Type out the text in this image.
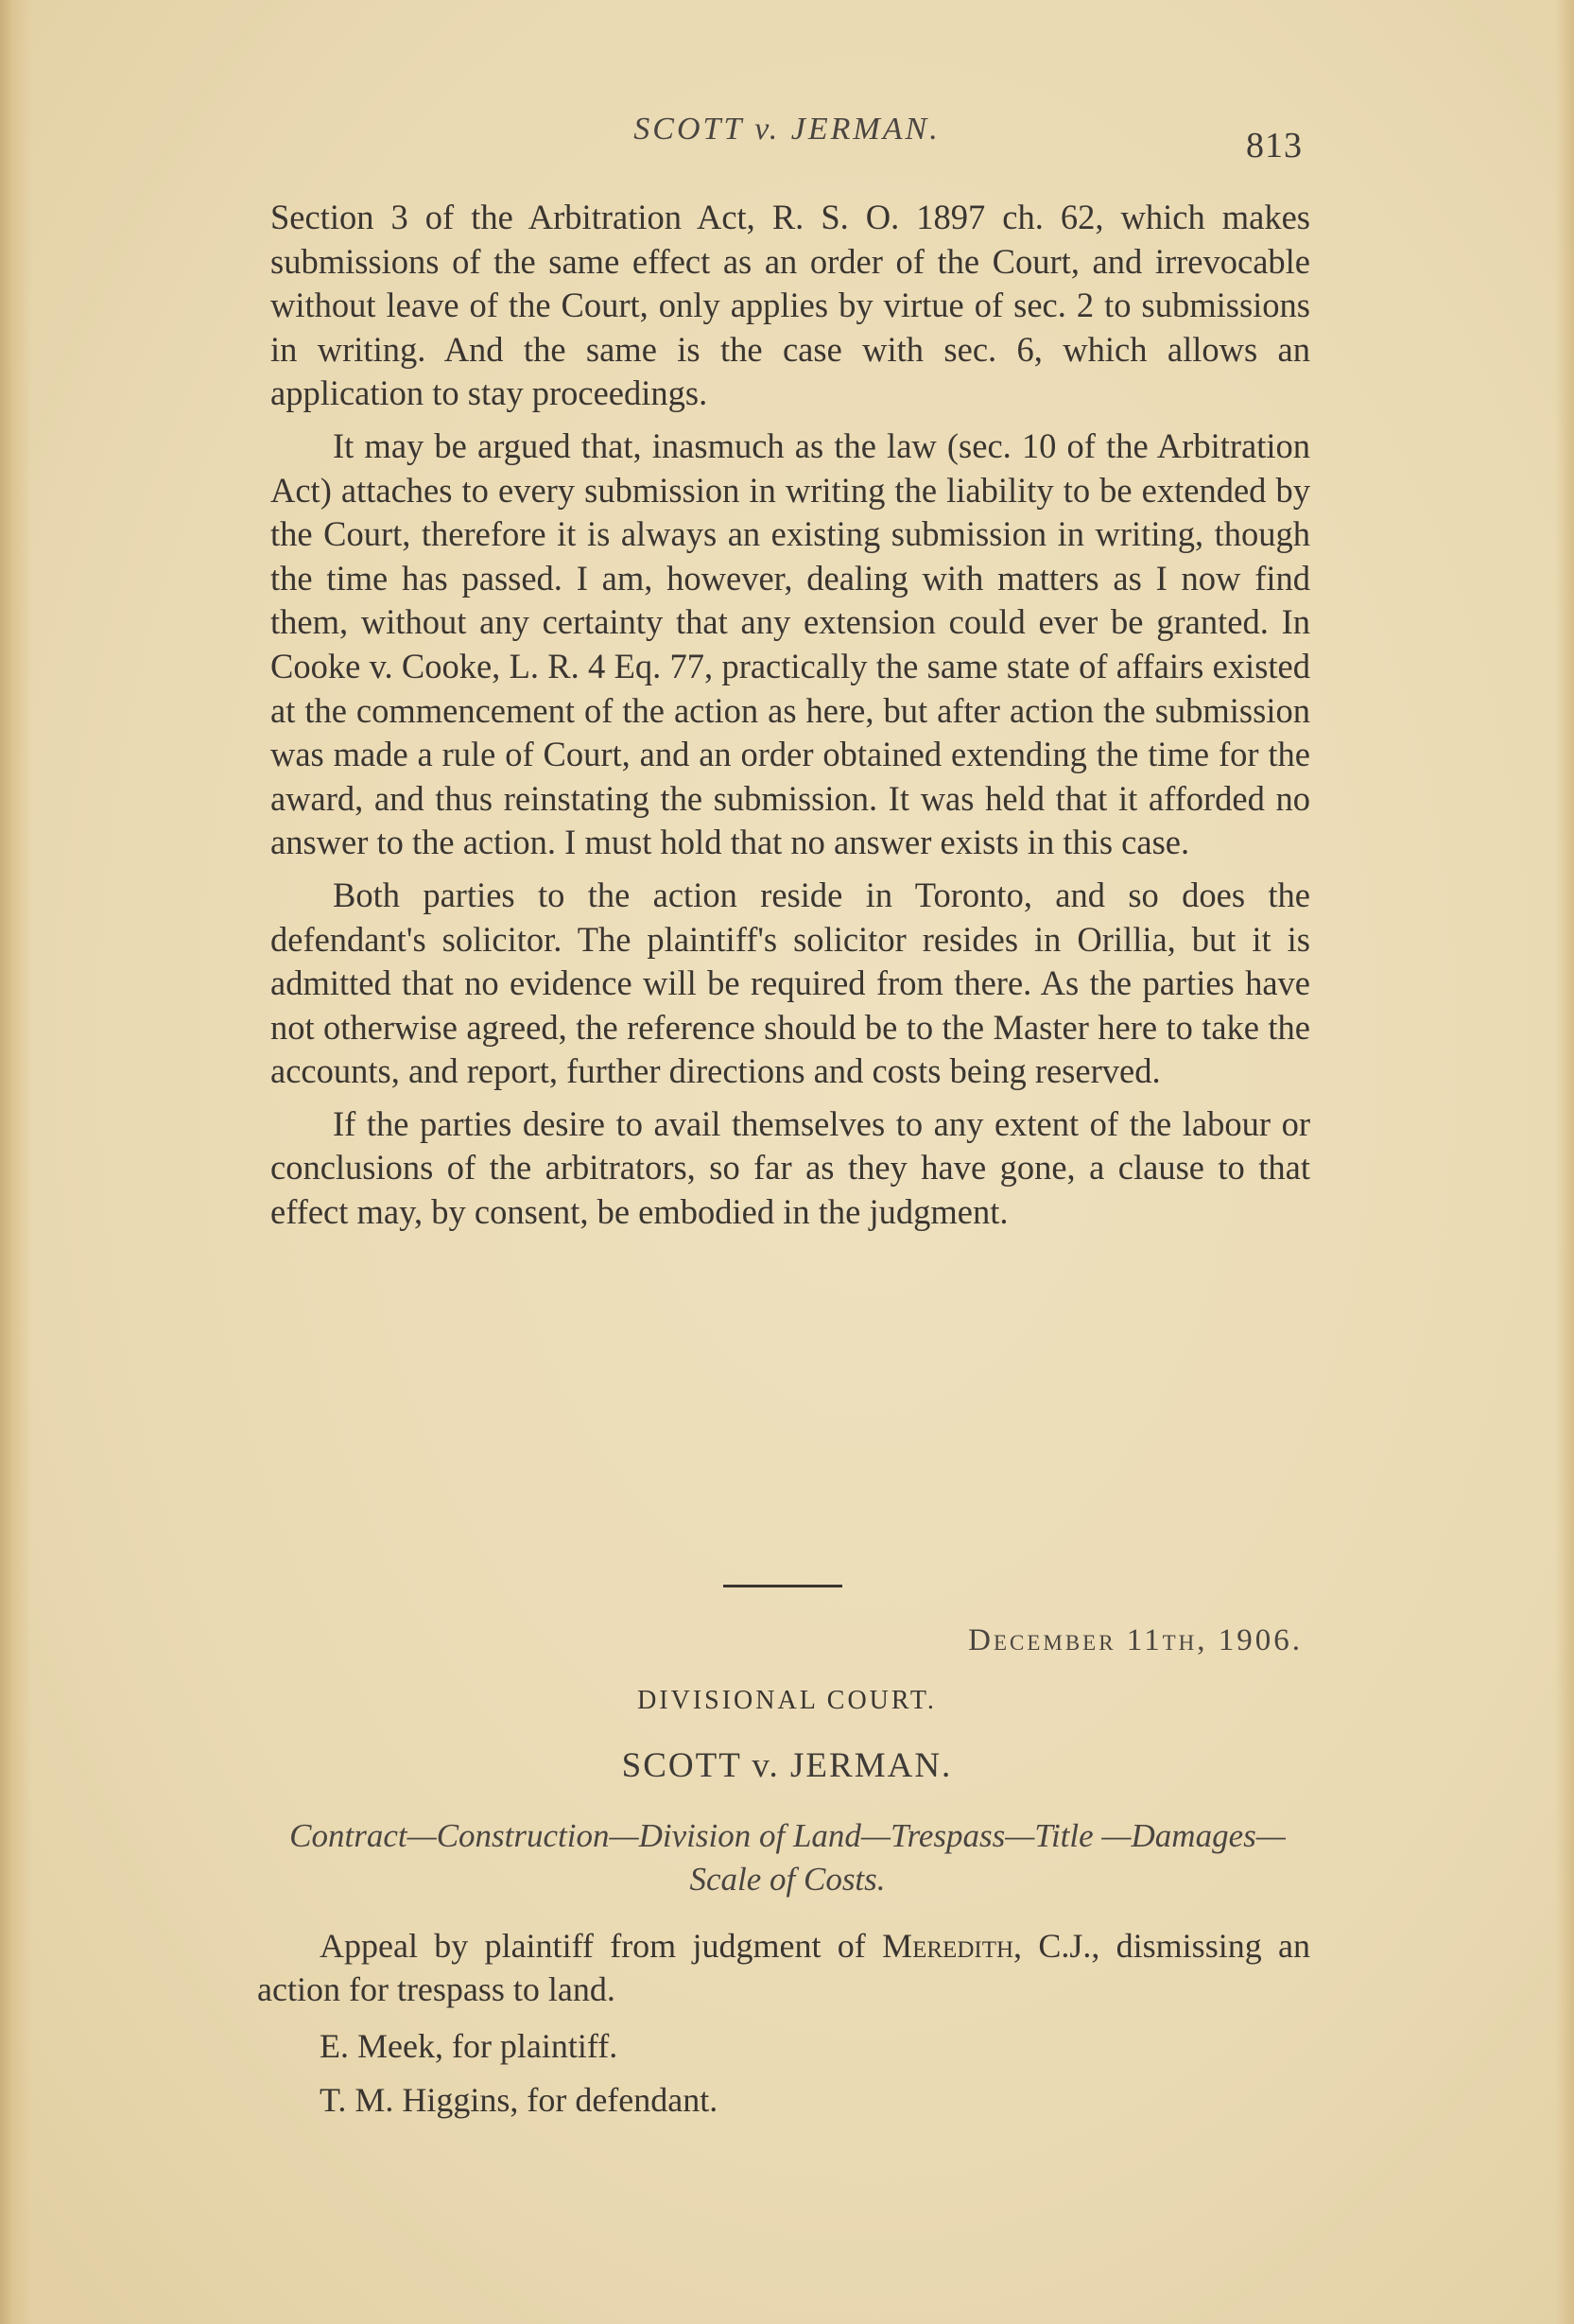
SCOTT v. JERMAN.	813

Section 3 of the Arbitration Act, R. S. O. 1897 ch. 62, which makes submissions of the same effect as an order of the Court, and irrevocable without leave of the Court, only applies by virtue of sec. 2 to submissions in writing. And the same is the case with sec. 6, which allows an application to stay proceedings.

It may be argued that, inasmuch as the law (sec. 10 of the Arbitration Act) attaches to every submission in writing the liability to be extended by the Court, therefore it is always an existing submission in writing, though the time has passed. I am, however, dealing with matters as I now find them, without any certainty that any extension could ever be granted. In Cooke v. Cooke, L. R. 4 Eq. 77, practically the same state of affairs existed at the commencement of the action as here, but after action the submission was made a rule of Court, and an order obtained extending the time for the award, and thus reinstating the submission. It was held that it afforded no answer to the action. I must hold that no answer exists in this case.

Both parties to the action reside in Toronto, and so does the defendant's solicitor. The plaintiff's solicitor resides in Orillia, but it is admitted that no evidence will be required from there. As the parties have not otherwise agreed, the reference should be to the Master here to take the accounts, and report, further directions and costs being reserved.

If the parties desire to avail themselves to any extent of the labour or conclusions of the arbitrators, so far as they have gone, a clause to that effect may, by consent, be embodied in the judgment.

December 11th, 1906.
DIVISIONAL COURT.
SCOTT v. JERMAN.
Contract—Construction—Division of Land—Trespass—Title —Damages—Scale of Costs.
Appeal by plaintiff from judgment of Meredith, C.J., dismissing an action for trespass to land.
E. Meek, for plaintiff.
T. M. Higgins, for defendant.
